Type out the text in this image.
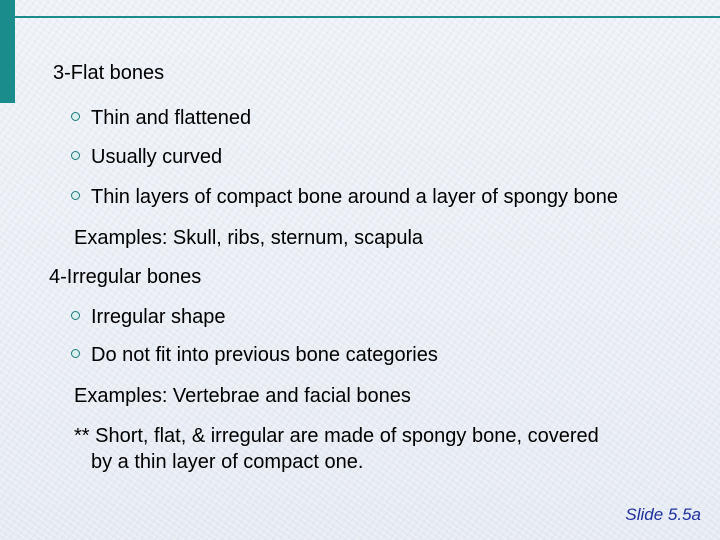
3-Flat bones
Thin and flattened
Usually curved
Thin layers of compact bone around a layer of spongy bone
Examples: Skull, ribs, sternum, scapula
4-Irregular bones
Irregular shape
Do not fit into previous bone categories
Examples: Vertebrae and facial bones
** Short, flat, & irregular are made of spongy bone, covered
by a thin layer of compact one.
Slide 5.5a
